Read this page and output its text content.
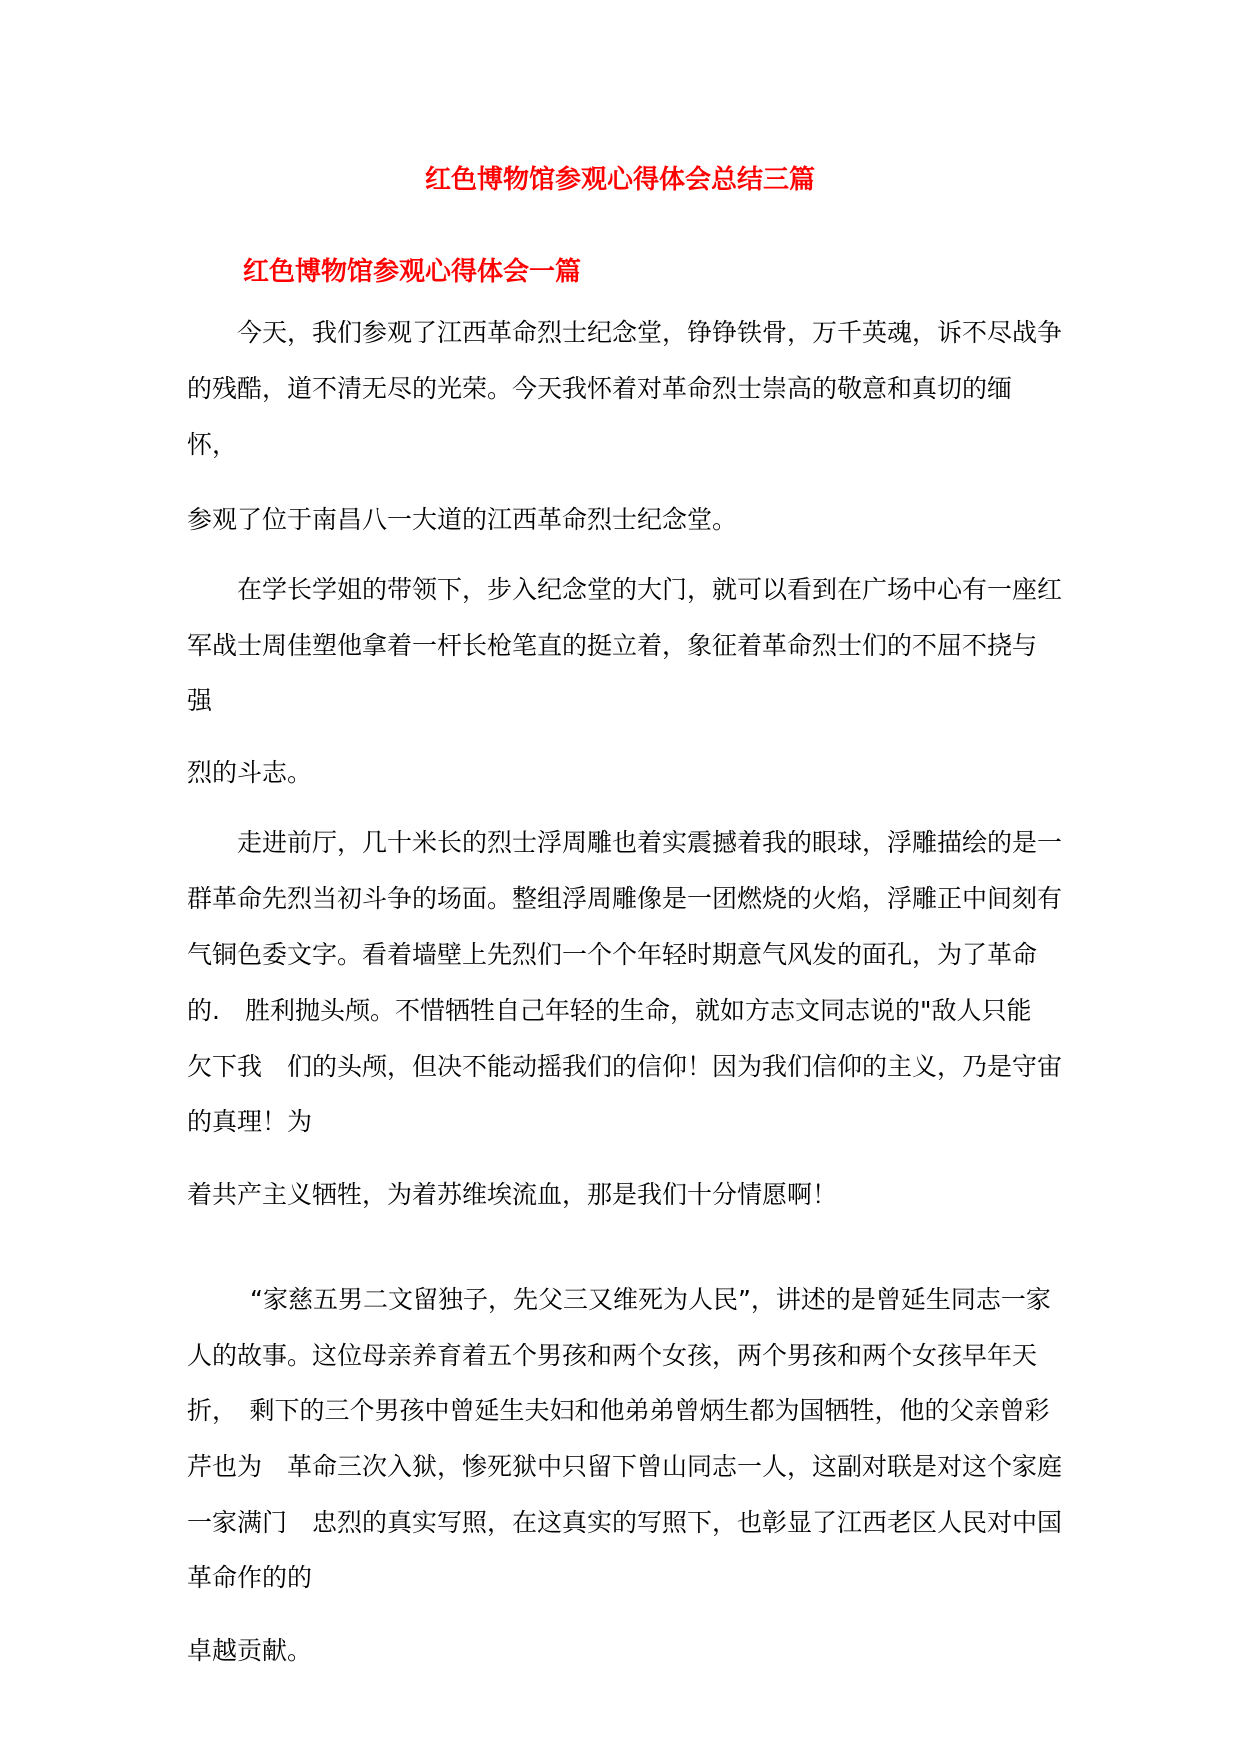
红色博物馆参观心得体会总结三篇
红色博物馆参观心得体会一篇
今天，我们参观了江西革命烈士纪念堂，铮铮铁骨，万千英魂，诉不尽战争
的残酷，道不清无尽的光荣。今天我怀着对革命烈士崇高的敬意和真切的缅
怀，
参观了位于南昌八一大道的江西革命烈士纪念堂。
在学长学姐的带领下，步入纪念堂的大门，就可以看到在广场中心有一座红
军战士周佳塑他拿着一杆长枪笔直的挺立着，象征着革命烈士们的不屈不挠与
强
烈的斗志。
走进前厅，几十米长的烈士浮周雕也着实震撼着我的眼球，浮雕描绘的是一
群革命先烈当初斗争的场面。整组浮周雕像是一团燃烧的火焰，浮雕正中间刻有
气铜色委文字。看着墙壁上先烈们一个个年轻时期意气风发的面孔，为了革命
的.　胜利抛头颅。不惜牺牲自己年轻的生命，就如方志文同志说的"敌人只能
欠下我　们的头颅，但决不能动摇我们的信仰！因为我们信仰的主义，乃是守宙
的真理！为
着共产主义牺牲，为着苏维埃流血，那是我们十分情愿啊！
“家慈五男二文留独子，先父三又维死为人民”，讲述的是曾延生同志一家
人的故事。这位母亲养育着五个男孩和两个女孩，两个男孩和两个女孩早年天
折，　剩下的三个男孩中曾延生夫妇和他弟弟曾炳生都为国牺牲，他的父亲曾彩
芹也为　革命三次入狱，惨死狱中只留下曾山同志一人，这副对联是对这个家庭
一家满门　忠烈的真实写照，在这真实的写照下，也彰显了江西老区人民对中国
革命作的的
卓越贡献。
